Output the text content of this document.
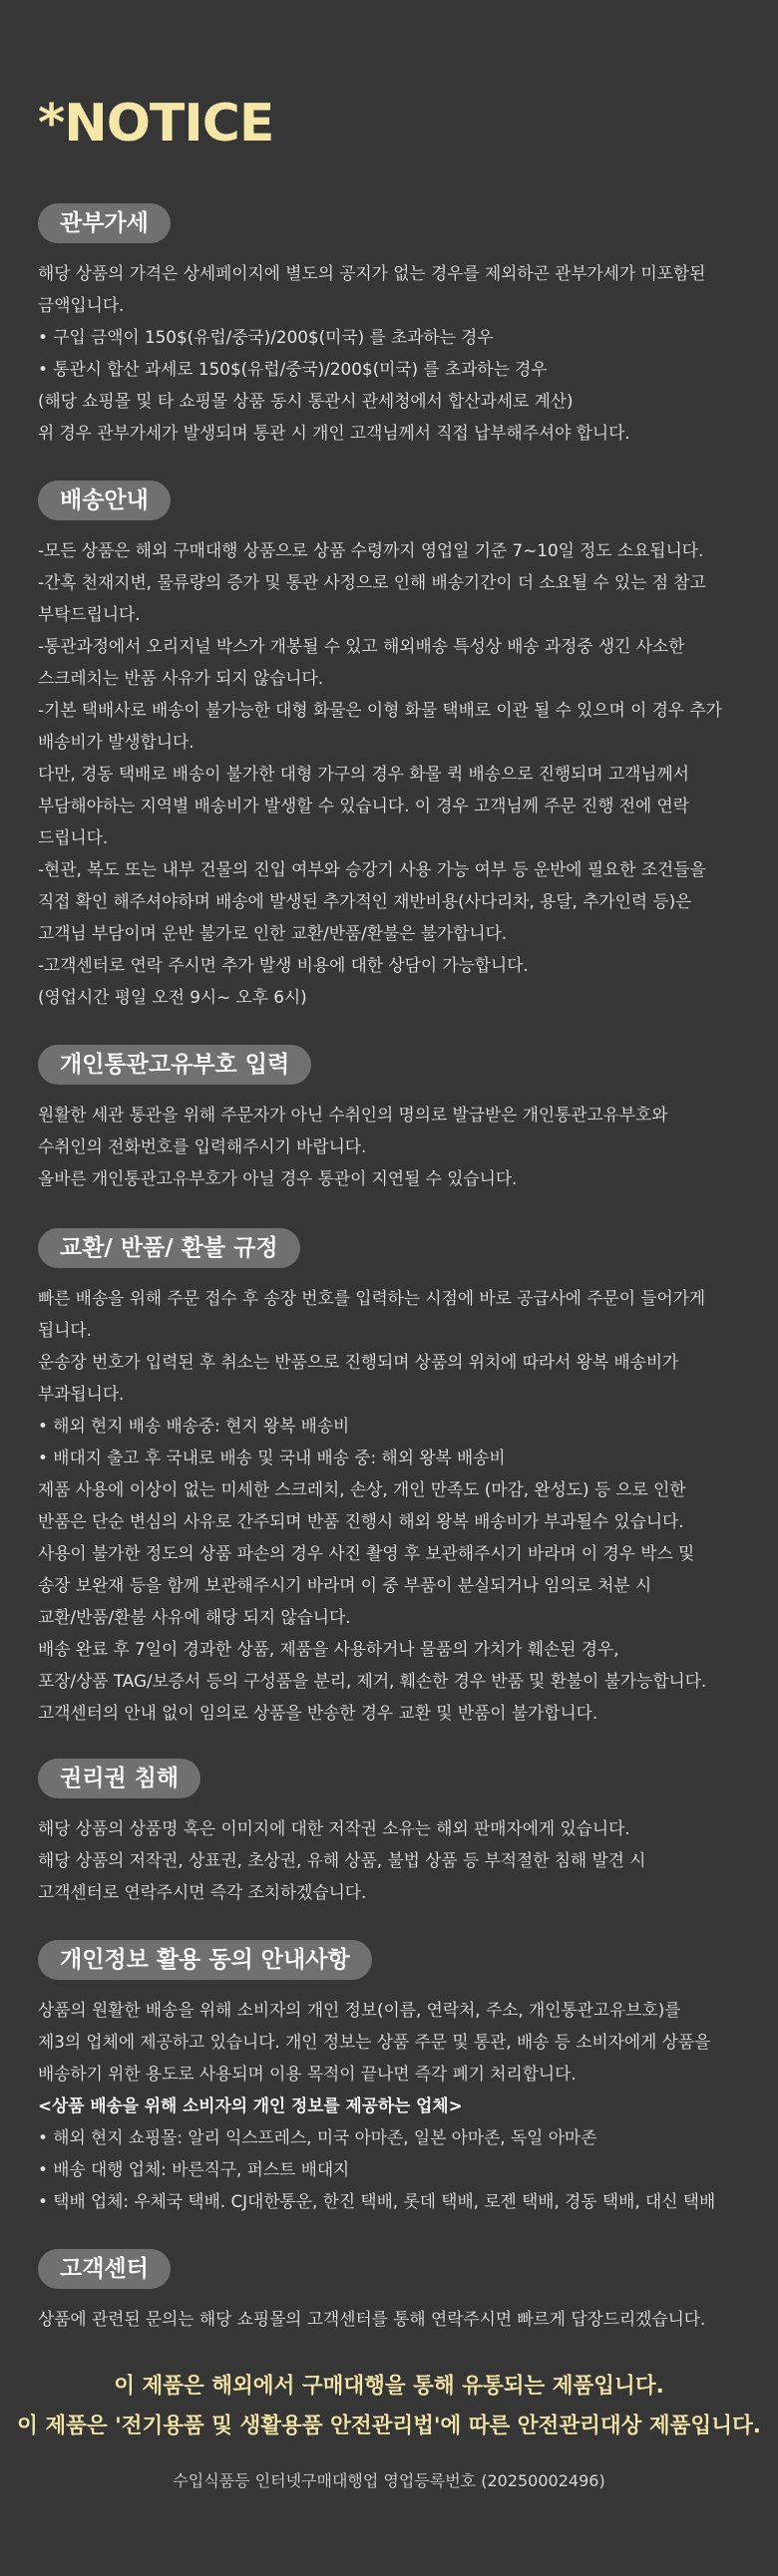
*NOTICE
관부가세
해당 상품의 가격은 상세페이지에 별도의 공지가 없는 경우를 제외하곤 관부가세가 미포함된
금액입니다.
• 구입 금액이 150$(유럽/중국)/200$(미국) 를 초과하는 경우
• 통관시 합산 과세로 150$(유럽/중국)/200$(미국) 를 초과하는 경우
(해당 쇼핑몰 및 타 쇼핑몰 상품 동시 통관시 관세청에서 합산과세로 계산)
위 경우 관부가세가 발생되며 통관 시 개인 고객님께서 직접 납부해주셔야 합니다.
배송안내
-모든 상품은 해외 구매대행 상품으로 상품 수령까지 영업일 기준 7~10일 정도 소요됩니다.
-간혹 천재지변, 물류량의 증가 및 통관 사정으로 인해 배송기간이 더 소요될 수 있는 점 참고
부탁드립니다.
-통관과정에서 오리지널 박스가 개봉될 수 있고 해외배송 특성상 배송 과정중 생긴 사소한
스크레치는 반품 사유가 되지 않습니다.
-기본 택배사로 배송이 불가능한 대형 화물은 이형 화물 택배로 이관 될 수 있으며 이 경우 추가
배송비가 발생합니다.
다만, 경동 택배로 배송이 불가한 대형 가구의 경우 화물 퀵 배송으로 진행되며 고객님께서
부담해야하는 지역별 배송비가 발생할 수 있습니다. 이 경우 고객님께 주문 진행 전에 연락
드립니다.
-현관, 복도 또는 내부 건물의 진입 여부와 승강기 사용 가능 여부 등 운반에 필요한 조건들을
직접 확인 해주셔야하며 배송에 발생된 추가적인 재반비용(사다리차, 용달, 추가인력 등)은
고객님 부담이며 운반 불가로 인한 교환/반품/환불은 불가합니다.
-고객센터로 연락 주시면 추가 발생 비용에 대한 상담이 가능합니다.
(영업시간 평일 오전 9시~ 오후 6시)
개인통관고유부호 입력
원활한 세관 통관을 위해 주문자가 아닌 수취인의 명의로 발급받은 개인통관고유부호와
수취인의 전화번호를 입력해주시기 바랍니다.
올바른 개인통관고유부호가 아닐 경우 통관이 지연될 수 있습니다.
교환/ 반품/ 환불 규정
빠른 배송을 위해 주문 접수 후 송장 번호를 입력하는 시점에 바로 공급사에 주문이 들어가게
됩니다.
운송장 번호가 입력된 후 취소는 반품으로 진행되며 상품의 위치에 따라서 왕복 배송비가
부과됩니다.
• 해외 현지 배송 배송중: 현지 왕복 배송비
• 배대지 출고 후 국내로 배송 및 국내 배송 중: 해외 왕복 배송비
제품 사용에 이상이 없는 미세한 스크레치, 손상, 개인 만족도 (마감, 완성도) 등 으로 인한
반품은 단순 변심의 사유로 간주되며 반품 진행시 해외 왕복 배송비가 부과될수 있습니다.
사용이 불가한 정도의 상품 파손의 경우 사진 촬영 후 보관해주시기 바라며 이 경우 박스 및
송장 보완재 등을 함께 보관해주시기 바라며 이 중 부품이 분실되거나 임의로 처분 시
교환/반품/환불 사유에 해당 되지 않습니다.
배송 완료 후 7일이 경과한 상품, 제품을 사용하거나 물품의 가치가 훼손된 경우,
포장/상품 TAG/보증서 등의 구성품을 분리, 제거, 훼손한 경우 반품 및 환불이 불가능합니다.
고객센터의 안내 없이 임의로 상품을 반송한 경우 교환 및 반품이 불가합니다.
권리권 침해
해당 상품의 상품명 혹은 이미지에 대한 저작권 소유는 해외 판매자에게 있습니다.
해당 상품의 저작권, 상표권, 초상권, 유해 상품, 불법 상품 등 부적절한 침해 발견 시
고객센터로 연락주시면 즉각 조치하겠습니다.
개인정보 활용 동의 안내사항
상품의 원활한 배송을 위해 소비자의 개인 정보(이름, 연락처, 주소, 개인통관고유브호)를
제3의 업체에 제공하고 있습니다. 개인 정보는 상품 주문 및 통관, 배송 등 소비자에게 상품을
배송하기 위한 용도로 사용되며 이용 목적이 끝나면 즉각 폐기 처리합니다.
<상품 배송을 위해 소비자의 개인 정보를 제공하는 업체>
• 해외 현지 쇼핑몰: 알리 익스프레스, 미국 아마존, 일본 아마존, 독일 아마존
• 배송 대행 업체: 바른직구, 퍼스트 배대지
• 택배 업체: 우체국 택배. CJ대한통운, 한진 택배, 롯데 택배, 로젠 택배, 경동 택배, 대신 택배
고객센터
상품에 관련된 문의는 해당 쇼핑몰의 고객센터를 통해 연락주시면 빠르게 답장드리겠습니다.
이 제품은 해외에서 구매대행을 통해 유통되는 제품입니다.
이 제품은 '전기용품 및 생활용품 안전관리법'에 따른 안전관리대상 제품입니다.
수입식품등 인터넷구매대행업 영업등록번호 (20250002496)
